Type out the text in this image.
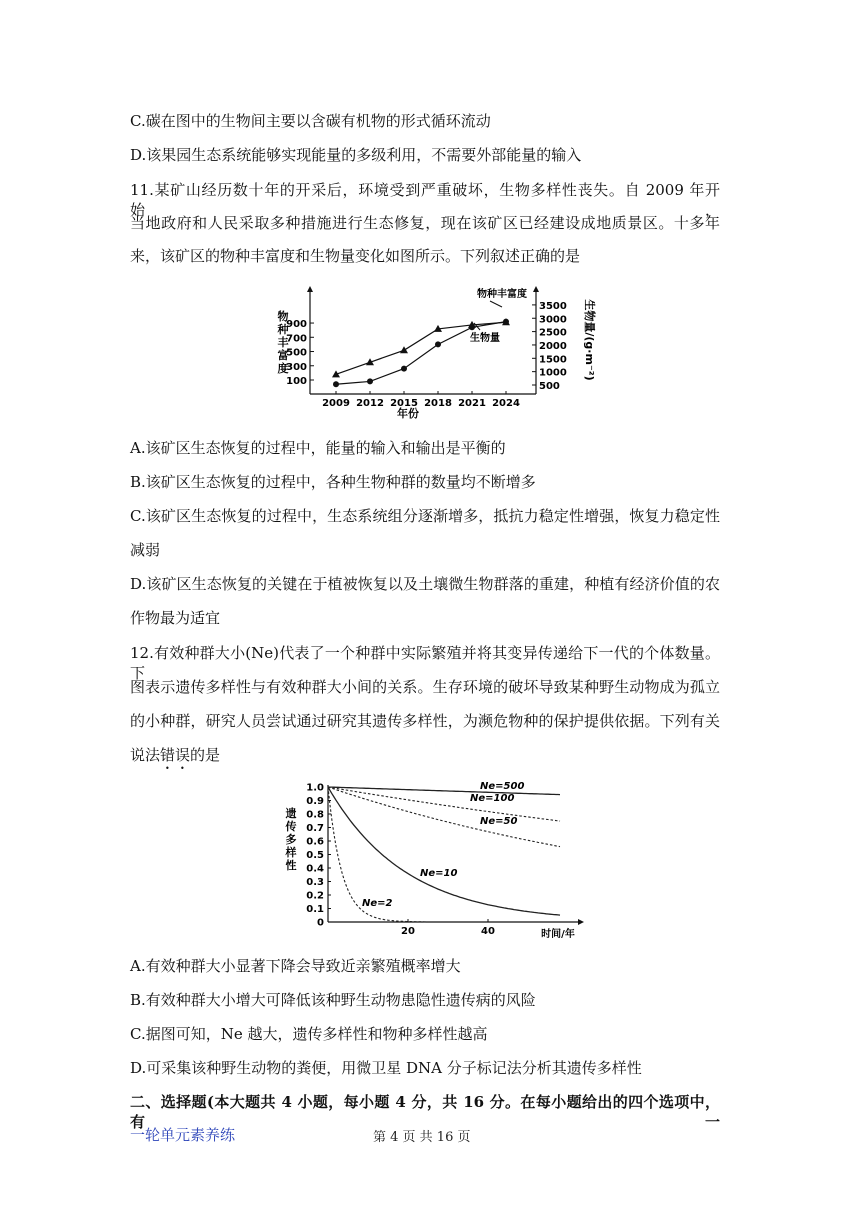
C.碳在图中的生物间主要以含碳有机物的形式循环流动
D.该果园生态系统能够实现能量的多级利用，不需要外部能量的输入
11.某矿山经历数十年的开采后，环境受到严重破坏，生物多样性丧失。自 2009 年开始，
当地政府和人民采取多种措施进行生态修复，现在该矿区已经建设成地质景区。十多年
来，该矿区的物种丰富度和生物量变化如图所示。下列叙述正确的是
100
300
500
700
900
500
1000
1500
2000
2500
3000
3500
2009 2012 2015 2018 2021 2024
年份
物种丰富度	生物量/(g·m⁻²)
物种丰富度
生物量
A.该矿区生态恢复的过程中，能量的输入和输出是平衡的
B.该矿区生态恢复的过程中，各种生物种群的数量均不断增多
C.该矿区生态恢复的过程中，生态系统组分逐渐增多，抵抗力稳定性增强，恢复力稳定性
减弱
D.该矿区生态恢复的关键在于植被恢复以及土壤微生物群落的重建，种植有经济价值的农
作物最为适宜
12.有效种群大小(Ne)代表了一个种群中实际繁殖并将其变异传递给下一代的个体数量。下
图表示遗传多样性与有效种群大小间的关系。生存环境的破坏导致某种野生动物成为孤立
的小种群，研究人员尝试通过研究其遗传多样性，为濒危物种的保护提供依据。下列有关
说法错误的是
1.0
0.9
0.8
0.7
0.6
0.5
0.4
0.3
0.2
0.1
0
20	40	时间/年
遗传多样性
Ne=500
Ne=100
Ne=50
Ne=10
Ne=2
A.有效种群大小显著下降会导致近亲繁殖概率增大
B.有效种群大小增大可降低该种野生动物患隐性遗传病的风险
C.据图可知，Ne 越大，遗传多样性和物种多样性越高
D.可采集该种野生动物的粪便，用微卫星 DNA 分子标记法分析其遗传多样性
二、选择题(本大题共 4 小题，每小题 4 分，共 16 分。在每小题给出的四个选项中，有一
一轮单元素养练	第 4 页 共 16 页
